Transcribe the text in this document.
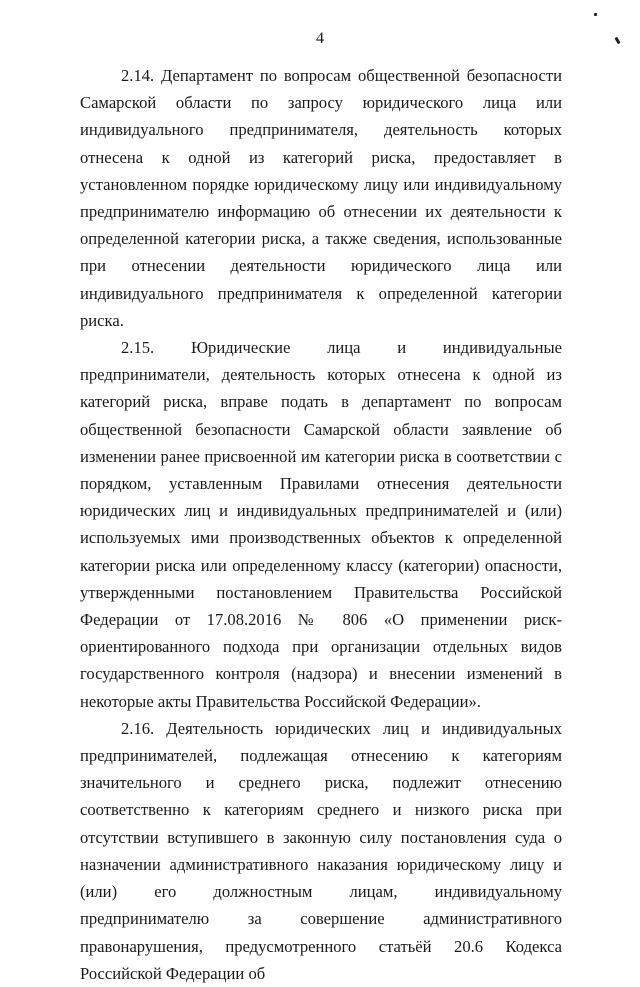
4

2.14. Департамент по вопросам общественной безопасности Самарской области по запросу юридического лица или индивидуального предпринимателя, деятельность которых отнесена к одной из категорий риска, предоставляет в установленном порядке юридическому лицу или индивидуальному предпринимателю информацию об отнесении их деятельности к определенной категории риска, а также сведения, использованные при отнесении деятельности юридического лица или индивидуального предпринимателя к определенной категории риска.

2.15. Юридические лица и индивидуальные предприниматели, деятельность которых отнесена к одной из категорий риска, вправе подать в департамент по вопросам общественной безопасности Самарской области заявление об изменении ранее присвоенной им категории риска в соответствии с порядком, уставленным Правилами отнесения деятельности юридических лиц и индивидуальных предпринимателей и (или) используемых ими производственных объектов к определенной категории риска или определенному классу (категории) опасности, утвержденными постановлением Правительства Российской Федерации от 17.08.2016 № 806 «О применении риск-ориентированного подхода при организации отдельных видов государственного контроля (надзора) и внесении изменений в некоторые акты Правительства Российской Федерации».

2.16. Деятельность юридических лиц и индивидуальных предпринимателей, подлежащая отнесению к категориям значительного и среднего риска, подлежит отнесению соответственно к категориям среднего и низкого риска при отсутствии вступившего в законную силу постановления суда о назначении административного наказания юридическому лицу и (или) его должностным лицам, индивидуальному предпринимателю за совершение административного правонарушения, предусмотренного статьёй 20.6 Кодекса Российской Федерации об
